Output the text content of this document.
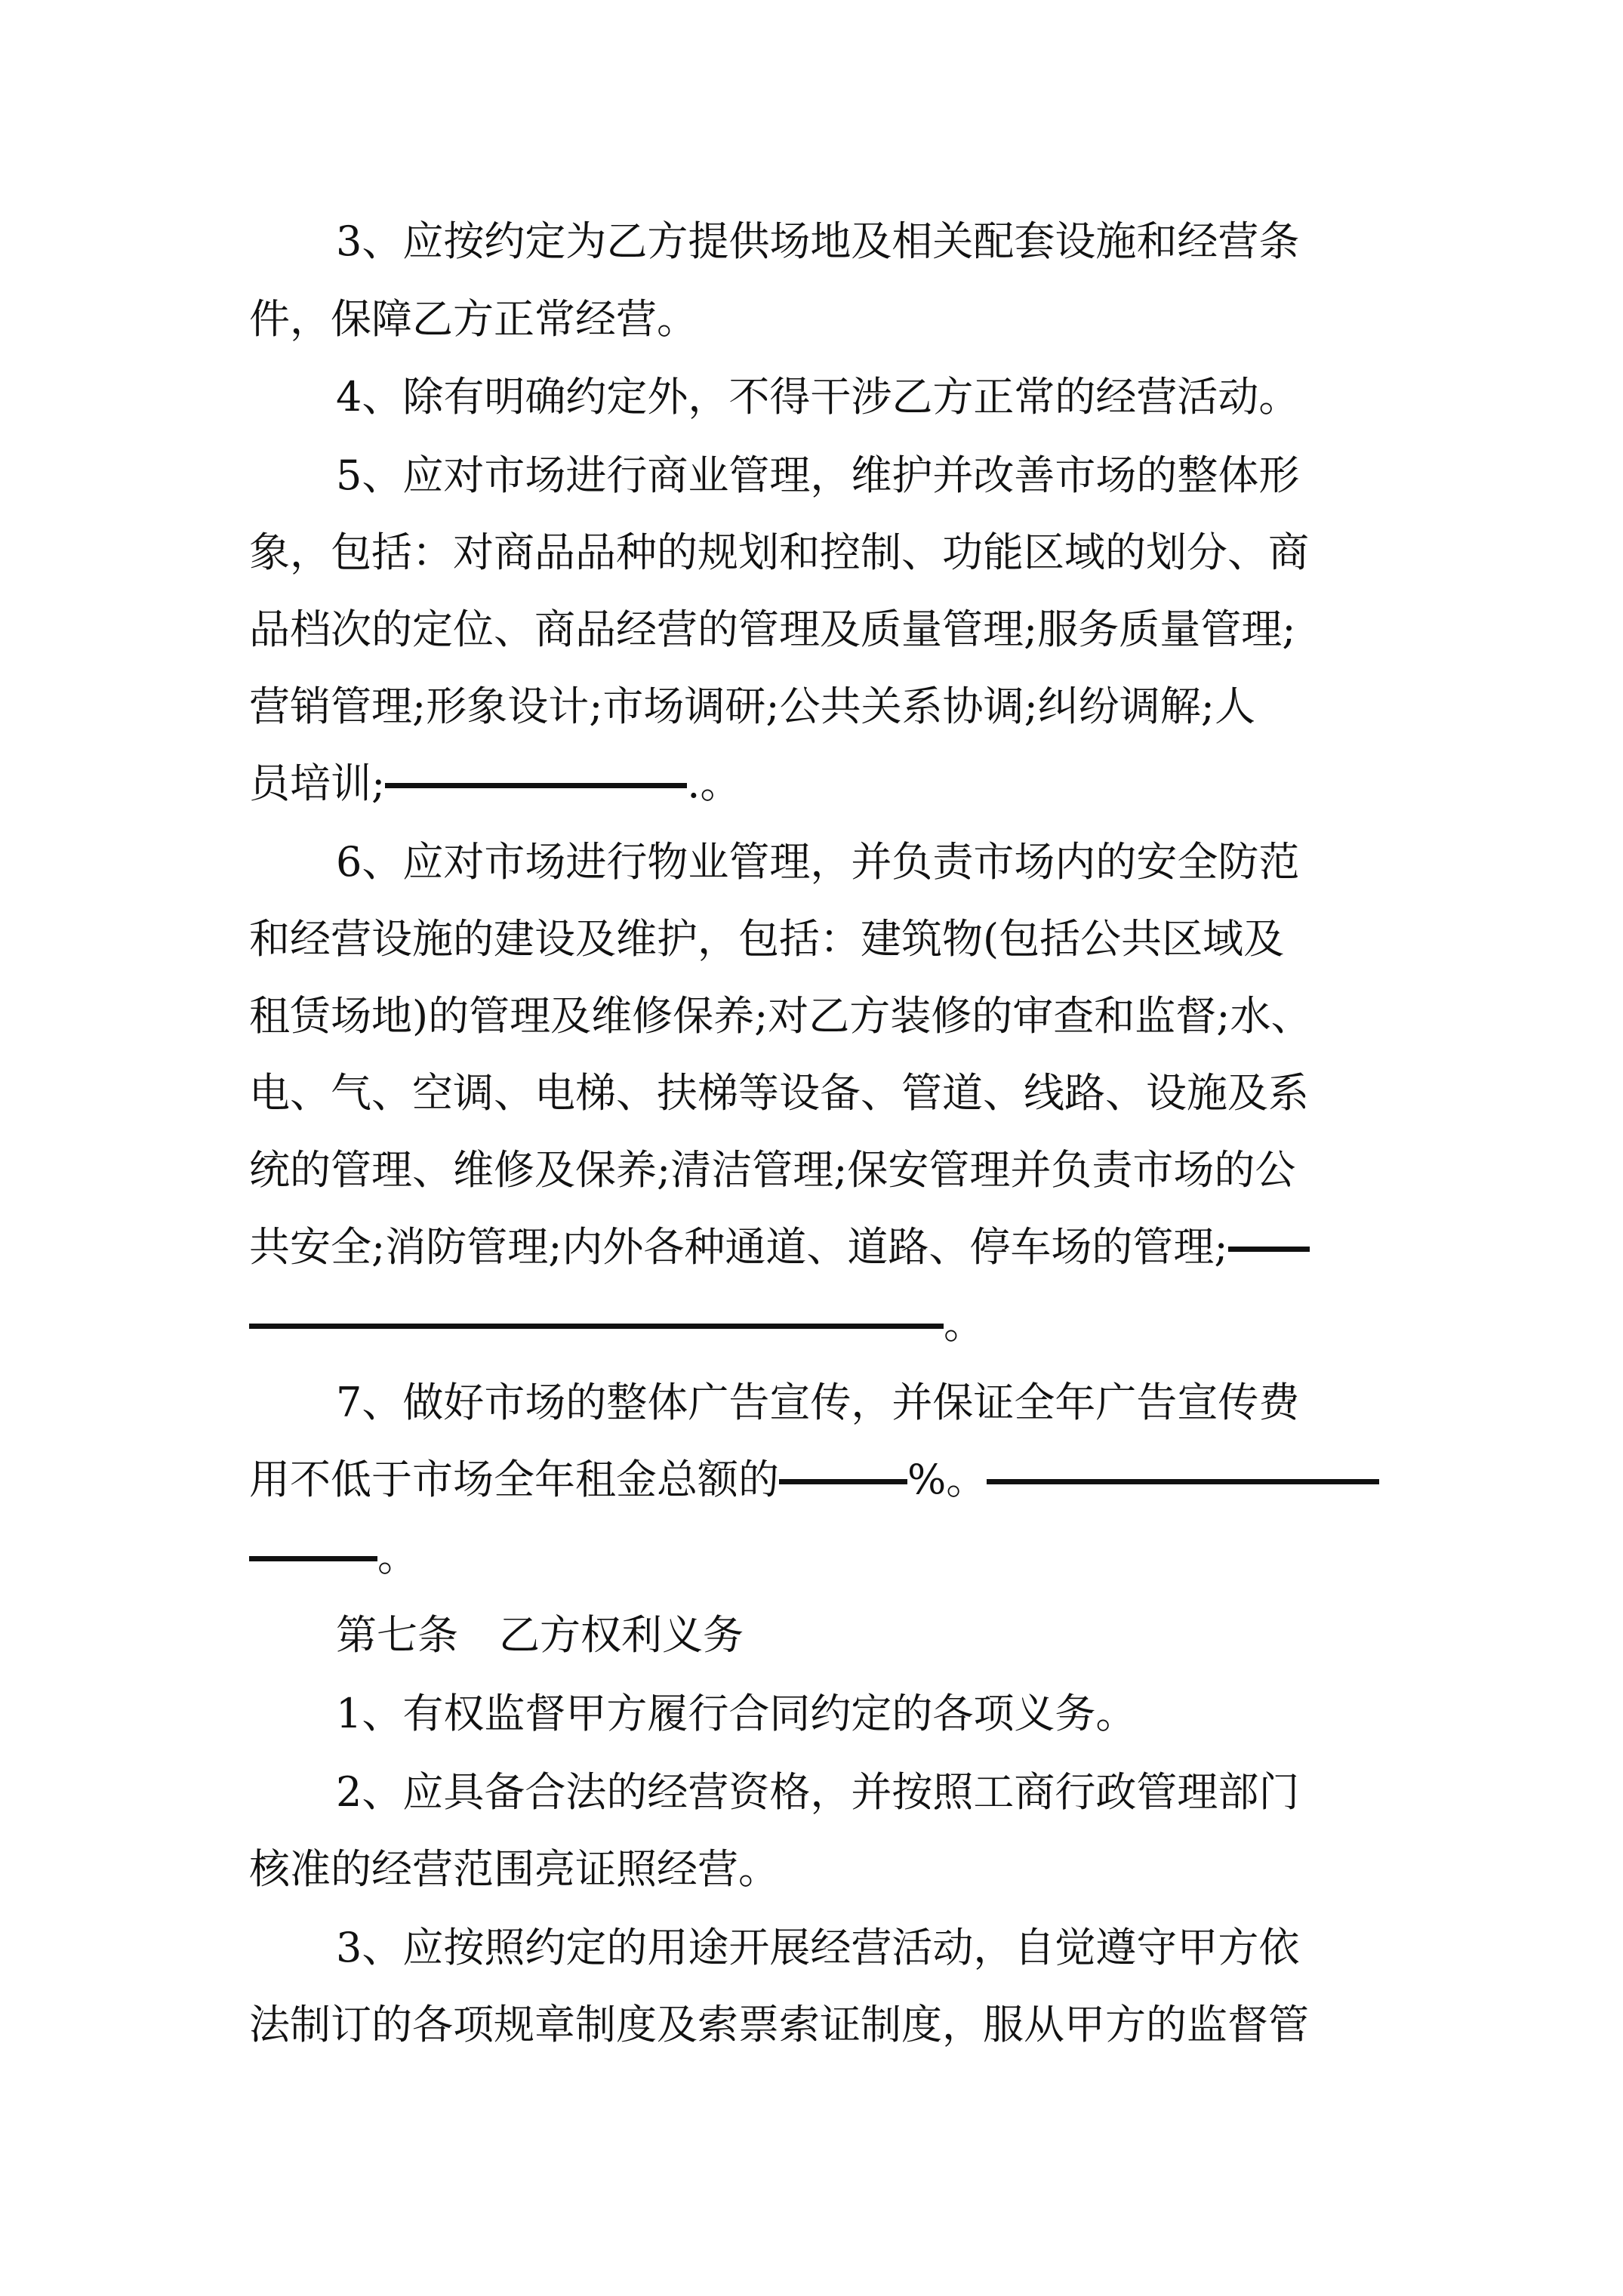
3、应按约定为乙方提供场地及相关配套设施和经营条

件，保障乙方正常经营。

4、除有明确约定外，不得干涉乙方正常的经营活动。

5、应对市场进行商业管理，维护并改善市场的整体形

象，包括：对商品品种的规划和控制、功能区域的划分、商

品档次的定位、商品经营的管理及质量管理;服务质量管理;

营销管理;形象设计;市场调研;公共关系协调;纠纷调解;人

员培训;	.。

6、应对市场进行物业管理，并负责市场内的安全防范

和经营设施的建设及维护，包括：建筑物(包括公共区域及

租赁场地)的管理及维修保养;对乙方装修的审查和监督;水、

电、气、空调、电梯、扶梯等设备、管道、线路、设施及系

统的管理、维修及保养;清洁管理;保安管理并负责市场的公

共安全;消防管理;内外各种通道、道路、停车场的管理;

。

7、做好市场的整体广告宣传，并保证全年广告宣传费

用不低于市场全年租金总额的	%。

。

第七条　乙方权利义务

1、有权监督甲方履行合同约定的各项义务。

2、应具备合法的经营资格，并按照工商行政管理部门

核准的经营范围亮证照经营。

3、应按照约定的用途开展经营活动，自觉遵守甲方依

法制订的各项规章制度及索票索证制度，服从甲方的监督管
